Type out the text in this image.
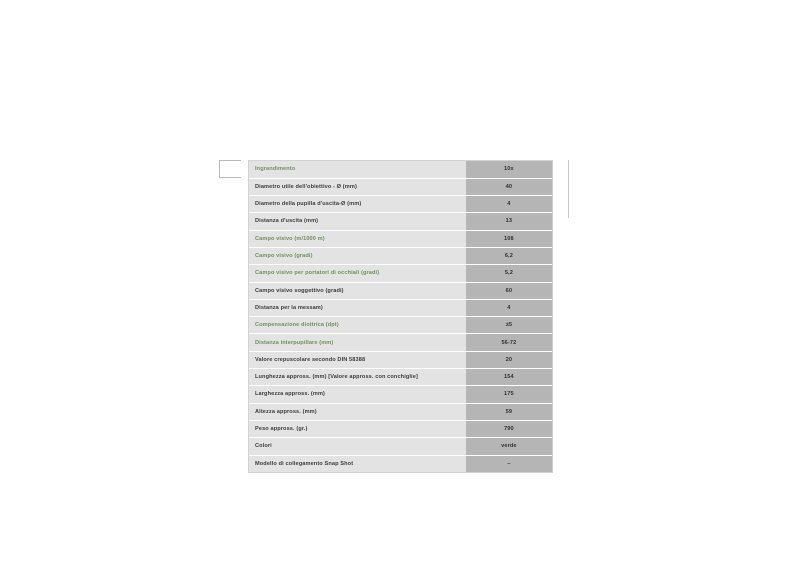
Ingrandimento	10x
Diametro utile dell'obiettivo - Ø (mm)	40
Diametro della pupilla d'uscita-Ø (mm)	4
Distanza d'uscita (mm)	13
Campo visivo (m/1000 m)	108
Campo visivo (gradi)	6,2
Campo visivo per portatori di occhiali (gradi)	5,2
Campo visivo soggettivo (gradi)	60
Distanza per la messam)	4
Compensazione diottrica (dpt)	±5
Distanza interpupillare (mm)	56-72
Valore crepuscolare secondo DIN 58388	20
Lunghezza appross. (mm) [Valore appross. con conchiglie]	154
Larghezza appross. (mm)	175
Altezza appross. (mm)	59
Peso appross. (gr.)	790
Colori	verde
Modello di collegamento Snap Shot	–
